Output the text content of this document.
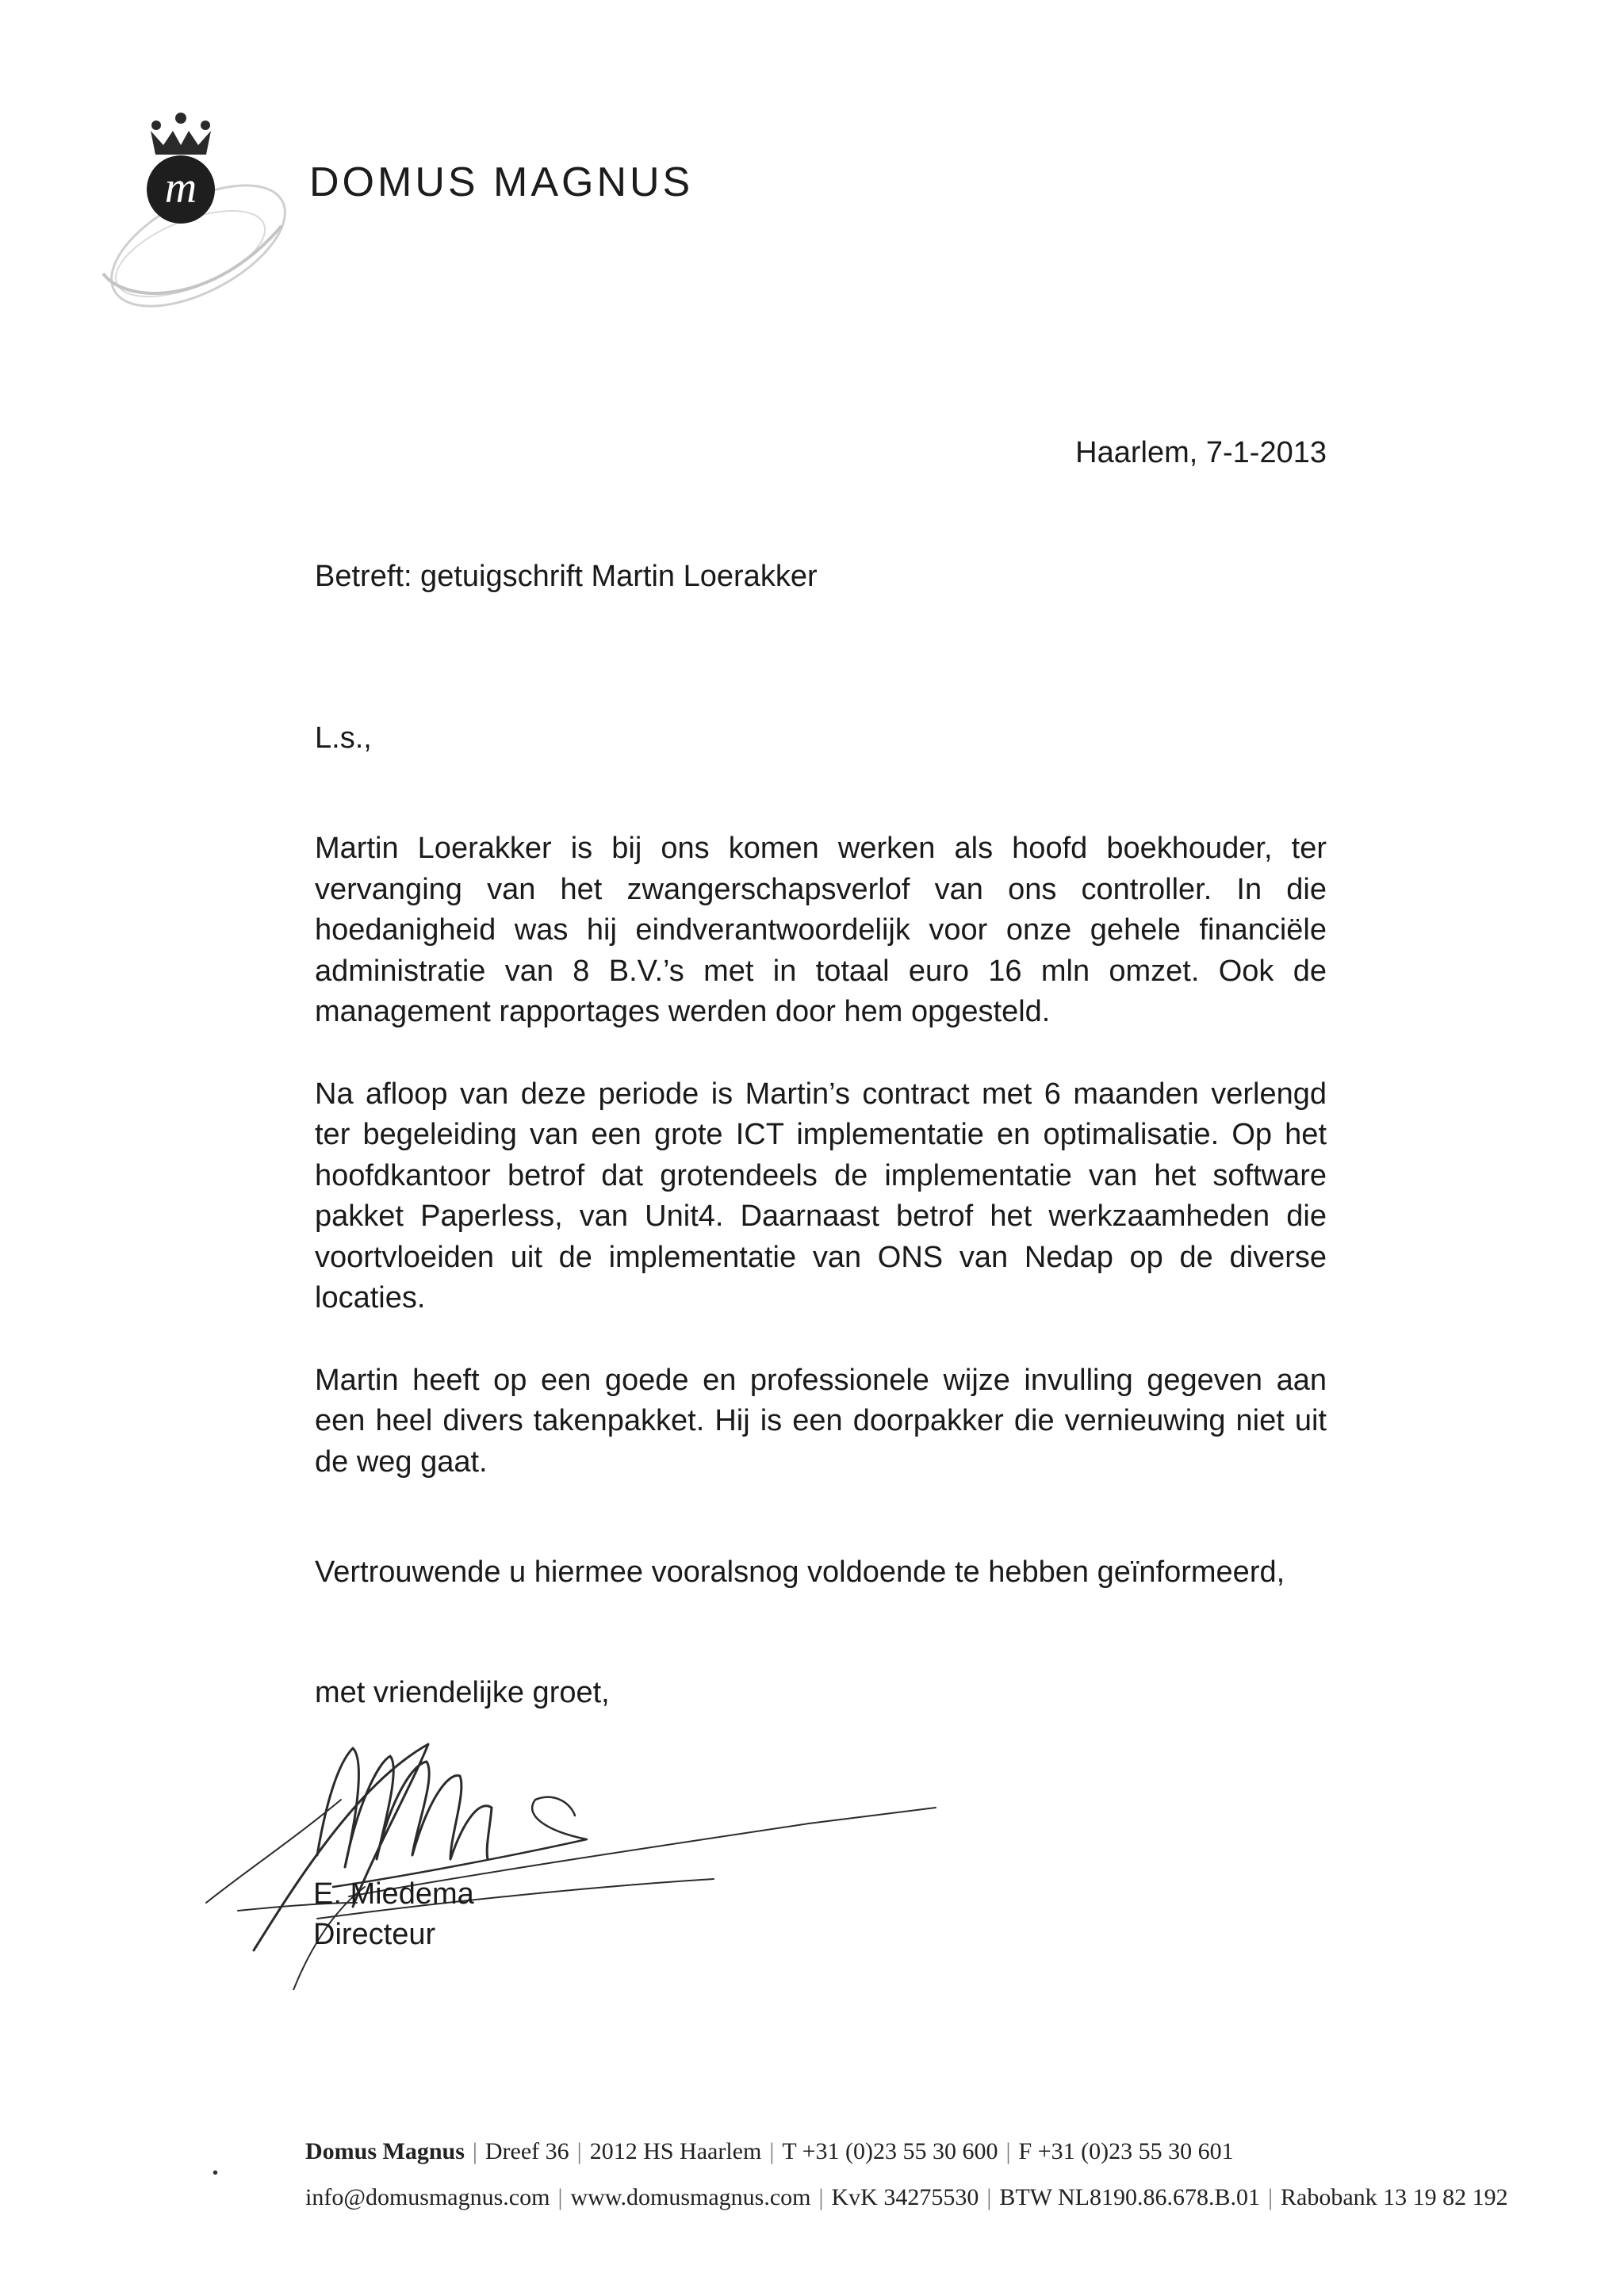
m	DOMUS MAGNUS
Haarlem, 7-1-2013
Betreft: getuigschrift Martin Loerakker
L.s.,

Martin Loerakker is bij ons komen werken als hoofd boekhouder, ter vervanging van het zwangerschapsverlof van ons controller. In die hoedanigheid was hij eindverantwoordelijk voor onze gehele financiële administratie van 8 B.V.’s met in totaal euro 16 mln omzet. Ook de management rapportages werden door hem opgesteld.

Na afloop van deze periode is Martin’s contract met 6 maanden verlengd ter begeleiding van een grote ICT implementatie en optimalisatie. Op het hoofdkantoor betrof dat grotendeels de implementatie van het software pakket Paperless, van Unit4. Daarnaast betrof het werkzaamheden die voortvloeiden uit de implementatie van ONS van Nedap op de diverse locaties.

Martin heeft op een goede en professionele wijze invulling gegeven aan een heel divers takenpakket. Hij is een doorpakker die vernieuwing niet uit de weg gaat.

Vertrouwende u hiermee vooralsnog voldoende te hebben geïnformeerd,

met vriendelijke groet,
E. Miedema
Directeur
•
Domus Magnus | Dreef 36 | 2012 HS Haarlem | T +31 (0)23 55 30 600 | F +31 (0)23 55 30 601
info@domusmagnus.com | www.domusmagnus.com | KvK 34275530 | BTW NL8190.86.678.B.01 | Rabobank 13 19 82 192
